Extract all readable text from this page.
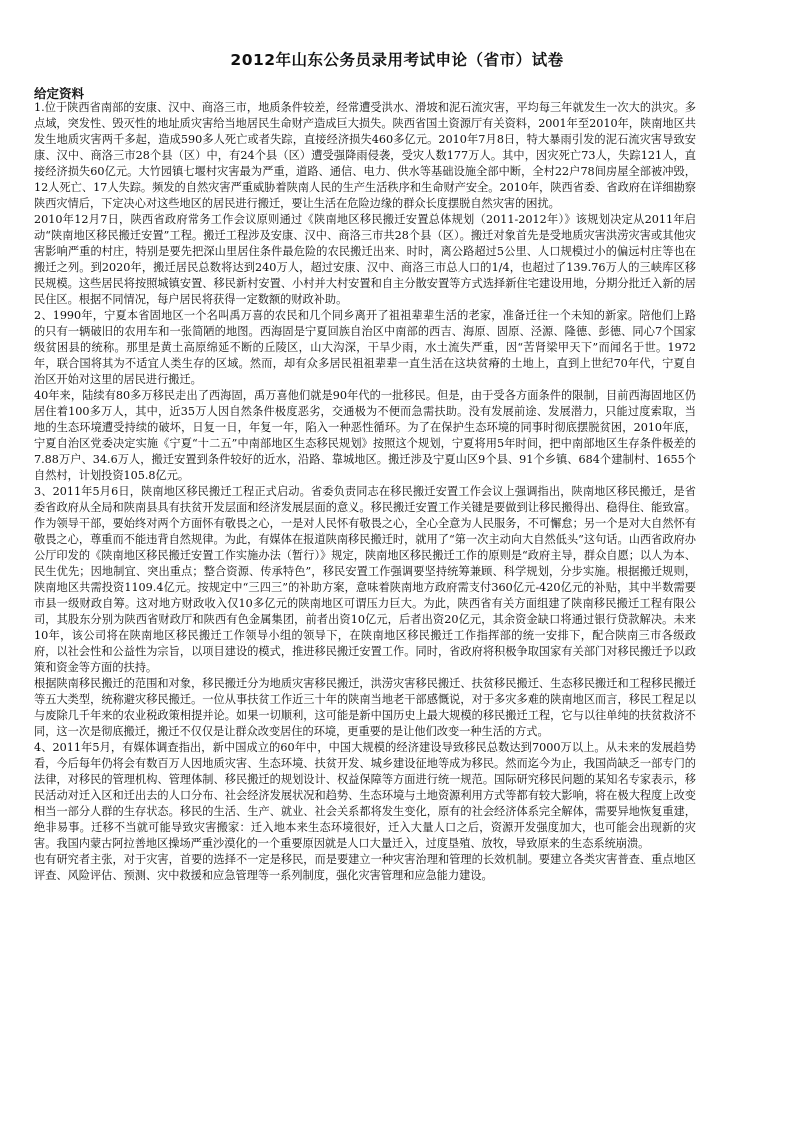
2012年山东公务员录用考试申论（省市）试卷
给定资料

1.位于陕西省南部的安康、汉中、商洛三市，地质条件较差，经常遭受洪水、滑坡和泥石流灾害，平均每三年就发生一次大的洪灾。多点域，突发性、毁灭性的地址质灾害给当地居民生命财产造成巨大损失。陕西省国土资源厅有关资料，2001年至2010年，陕南地区共发生地质灾害两千多起，造成590多人死亡或者失踪，直接经济损失460多亿元。2010年7月8日，特大暴雨引发的泥石流灾害导致安康、汉中、商洛三市28个县（区）中，有24个县（区）遭受强降雨侵袭，受灾人数177万人。其中，因灾死亡73人，失踪121人，直接经济损失60亿元。大竹园镇七堰村灾害最为严重，道路、通信、电力、供水等基础设施全部中断，全村22户78间房屋全部被冲毁，12人死亡、17人失踪。频发的自然灾害严重威胁着陕南人民的生产生活秩序和生命财产安全。2010年，陕西省委、省政府在详细勘察陕西灾情后，下定决心对这些地区的居民进行搬迁，要让生活在危险边缘的群众长度摆脱自然灾害的困扰。

2010年12月7日，陕西省政府常务工作会议原则通过《陕南地区移民搬迁安置总体规划（2011-2012年）》该规划决定从2011年启动“陕南地区移民搬迁安置”工程。搬迁工程涉及安康、汉中、商洛三市共28个县（区）。搬迁对象首先是受地质灾害洪涝灾害或其他灾害影响严重的村庄，特别是要先把深山里居住条件最危险的农民搬迁出来、时时，离公路超过5公里、人口规模过小的偏远村庄等也在搬迁之列。到2020年，搬迁居民总数将达到240万人，超过安康、汉中、商洛三市总人口的1/4，也超过了139.76万人的三峡库区移民规模。这些居民将按照城镇安置、移民新村安置、小村并大村安置和自主分散安置等方式选择新住宅建设用地，分期分批迁入新的居民住区。根据不同情况，每户居民将获得一定数额的财政补助。

2、1990年，宁夏本省固地区一个名叫禹万喜的农民和几个同乡离开了祖祖辈辈生活的老家，准备迁往一个未知的新家。陪他们上路的只有一辆破旧的农用车和一张简陋的地图。西海固是宁夏回族自治区中南部的西吉、海原、固原、泾源、隆德、彭德、同心7个国家级贫困县的统称。那里是黄土高原绵延不断的丘陵区，山大沟深，干旱少雨，水土流失严重，因“苦肾梁甲天下”而闻名于世。1972年，联合国将其为不适宜人类生存的区域。然而，却有众多居民祖祖辈辈一直生活在这块贫瘠的土地上，直到上世纪70年代，宁夏自治区开始对这里的居民进行搬迁。

40年来，陆续有80多万移民走出了西海固，禹万喜他们就是90年代的一批移民。但是，由于受各方面条件的限制，目前西海固地区仍居住着100多万人，其中，近35万人因自然条件极度恶劣，交通极为不便而急需扶助。没有发展前途、发展潜力，只能过度索取，当地的生态环境遭受持续的破坏，日复一日，年复一年，陷入一种恶性循环。为了在保护生态环境的同事时彻底摆脱贫困，2010年底，宁夏自治区党委决定实施《宁夏“十二五”中南部地区生态移民规划》按照这个规划，宁夏将用5年时间，把中南部地区生存条件极差的7.88万户、34.6万人，搬迁安置到条件较好的近水，沿路、靠城地区。搬迁涉及宁夏山区9个县、91个乡镇、684个建制村、1655个自然村，计划投资105.8亿元。

3、2011年5月6日，陕南地区移民搬迁工程正式启动。省委负责同志在移民搬迁安置工作会议上强调指出，陕南地区移民搬迁，是省委省政府从全局和陕南县具有扶贫开发层面和经济发展层面的意义。移民搬迁安置工作关键是要做到让移民搬得出、稳得住、能致富。作为领导干部，要始终对两个方面怀有敬畏之心，一是对人民怀有敬畏之心，全心全意为人民服务，不可懈怠；另一个是对大自然怀有敬畏之心，尊重而不能违背自然规律。为此，有媒体在报道陕南移民搬迁时，就用了“第一次主动向大自然低头”这句话。山西省政府办公厅印发的《陕南地区移民搬迁安置工作实施办法（暂行）》规定，陕南地区移民搬迁工作的原则是“政府主导，群众自愿；以人为本、民生优先；因地制宜、突出重点；整合资源、传承特色”，移民安置工作强调要坚持统筹兼顾、科学规划，分步实施。根据搬迁规则，陕南地区共需投资1109.4亿元。按规定中“三四三”的补助方案，意味着陕南地方政府需支付360亿元-420亿元的补贴，其中半数需要市县一级财政自筹。这对地方财政收入仅10多亿元的陕南地区可谓压力巨大。为此，陕西省有关方面组建了陕南移民搬迁工程有限公司，其股东分别为陕西省财政厅和陕西有色金属集团，前者出资10亿元，后者出资20亿元，其余资金缺口将通过银行贷款解决。未来10年，该公司将在陕南地区移民搬迁工作领导小组的领导下，在陕南地区移民搬迁工作指挥部的统一安排下，配合陕南三市各级政府，以社会性和公益性为宗旨，以项目建设的模式，推进移民搬迁安置工作。同时，省政府将积极争取国家有关部门对移民搬迁予以政策和资金等方面的扶持。

根据陕南移民搬迁的范围和对象，移民搬迁分为地质灾害移民搬迁，洪涝灾害移民搬迁、扶贫移民搬迁、生态移民搬迁和工程移民搬迁等五大类型，统称避灾移民搬迁。一位从事扶贫工作近三十年的陕南当地老干部感慨说，对于多灾多难的陕南地区而言，移民工程足以与废除几千年来的农业税政策相提并论。如果一切顺利，这可能是新中国历史上最大规模的移民搬迁工程，它与以往单纯的扶贫救济不同，这一次是彻底搬迁，搬迁不仅仅是让群众改变居住的环境，更重要的是让他们改变一种生活的方式。

4、2011年5月，有媒体调查指出，新中国成立的60年中，中国大规模的经济建设导致移民总数达到7000万以上。从未来的发展趋势看，今后每年仍将会有数百万人因地质灾害、生态环境、扶贫开发、城乡建设征地等成为移民。然而迄今为止，我国尚缺乏一部专门的法律，对移民的管理机构、管理体制、移民搬迁的规划设计、权益保障等方面进行统一规范。国际研究移民问题的某知名专家表示，移民活动对迁入区和迁出去的人口分布、社会经济发展状况和趋势、生态环境与土地资源利用方式等都有较大影响，将在极大程度上改变相当一部分人群的生存状态。移民的生活、生产、就业、社会关系都将发生变化，原有的社会经济体系完全解体，需要异地恢复重建，绝非易事。迁移不当就可能导致灾害搬家：迁入地本来生态环境很好，迁入大量人口之后，资源开发强度加大，也可能会出现新的灾害。我国内蒙古阿拉善地区操场严重沙漠化的一个重要原因就是人口大量迁入，过度垦殖、放牧，导致原来的生态系统崩溃。

也有研究者主张，对于灾害，首要的选择不一定是移民，而是要建立一种灾害治理和管理的长效机制。要建立各类灾害普查、重点地区评查、风险评估、预测、灾中救援和应急管理等一系列制度，强化灾害管理和应急能力建设。
